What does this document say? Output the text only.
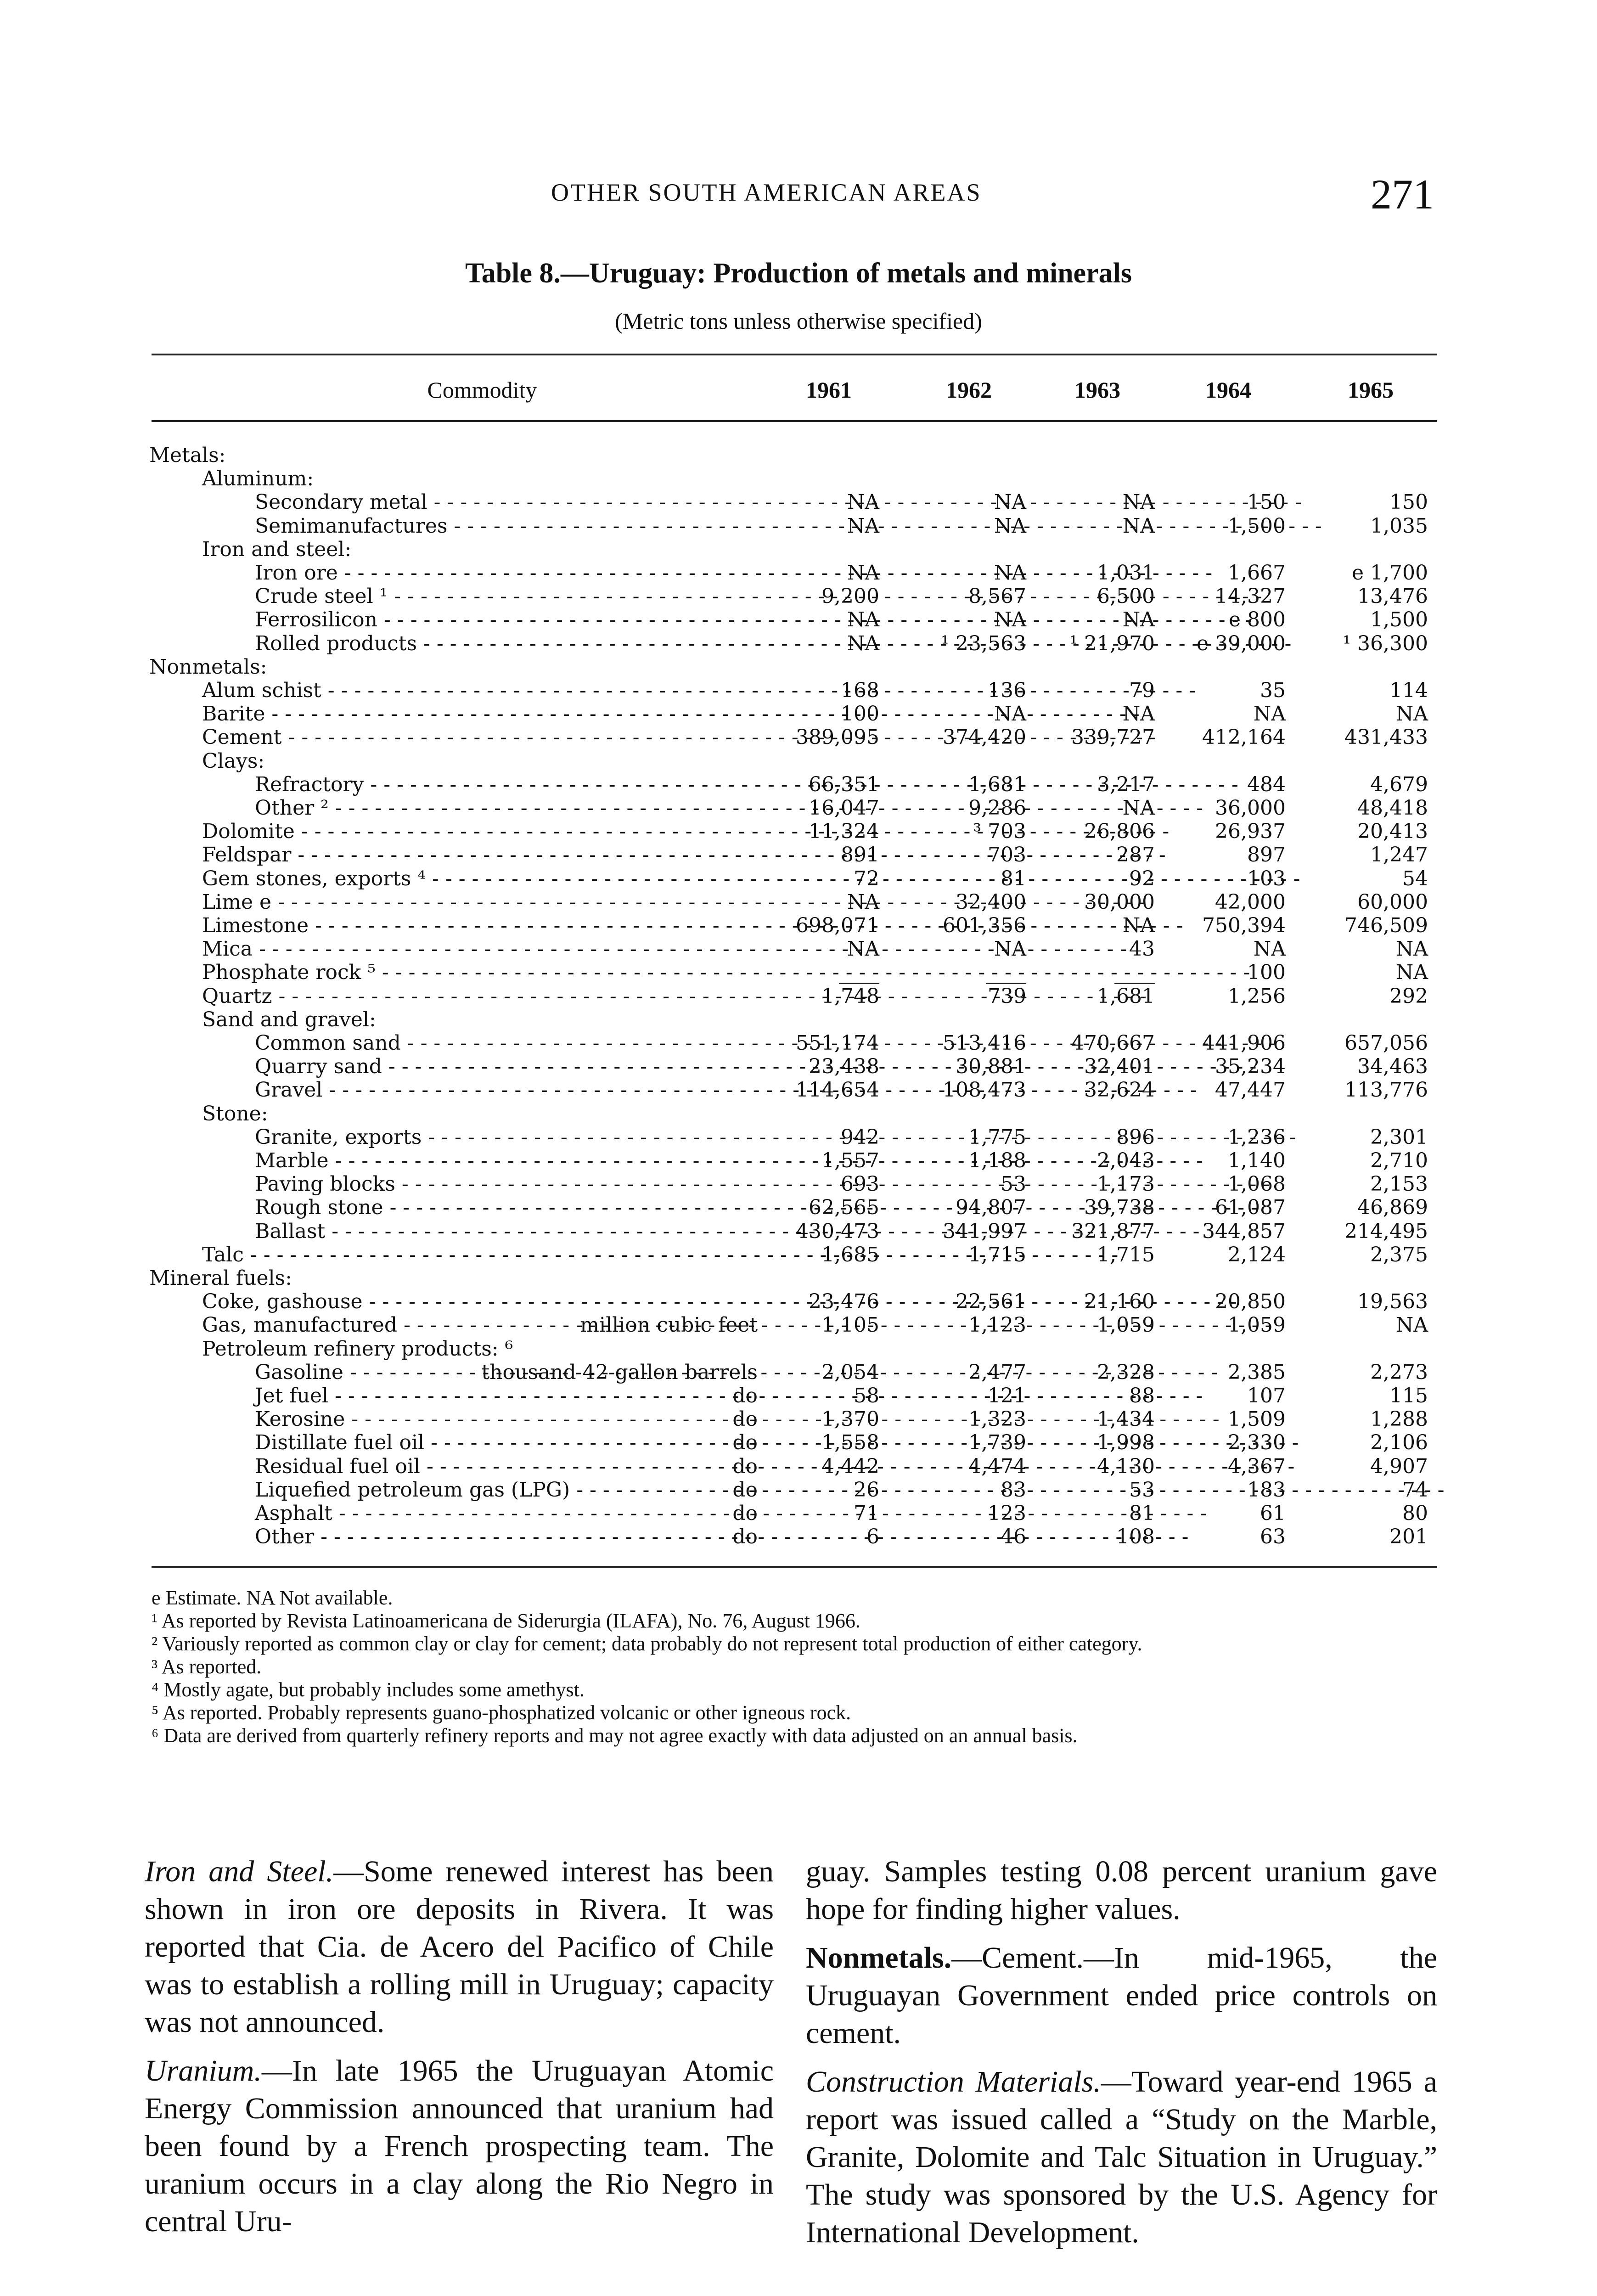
OTHER SOUTH AMERICAN AREAS	271
Table 8.—Uruguay: Production of metals and minerals
(Metric tons unless otherwise specified)
Commodity	1961	1962	1963	1964	1965
Metals:
Aluminum:
Secondary metal - - -	NA	NA	NA	150	150
Semimanufactures - - -	NA	NA	NA	1,500	1,035
Iron and steel:
Iron ore - - -	NA	NA	1,031	1,667	e 1,700
Crude steel ¹ - - -	9,200	8,567	6,500	14,327	13,476
Ferrosilicon - - -	NA	NA	NA	e 800	1,500
Rolled products - - -	NA	¹ 23,563	¹ 21,970	e 39,000	¹ 36,300
Nonmetals:
Alum schist - - -	168	136	79	35	114
Barite - - -	100	NA	NA	NA	NA
Cement - - -	389,095	374,420	339,727	412,164	431,433
Clays:
Refractory - - -	66,351	1,681	3,217	484	4,679
Other ² - - -	16,047	9,286	NA	36,000	48,418
Dolomite - - -	11,324	³ 703	26,806	26,937	20,413
Feldspar - - -	891	703	287	897	1,247
Gem stones, exports ⁴ - - -	72	81	92	103	54
Lime e - - -	NA	32,400	30,000	42,000	60,000
Limestone - - -	698,071	601,356	NA	750,394	746,509
Mica - - -	NA	NA	43	NA	NA
Phosphate rock ⁵ - - -	____	____	____	100	NA
Quartz - - -	1,748	739	1,681	1,256	292
Sand and gravel:
Common sand - - -	551,174	513,416	470,667	441,906	657,056
Quarry sand - - -	23,438	30,881	32,401	35,234	34,463
Gravel - - -	114,654	108,473	32,624	47,447	113,776
Stone:
Granite, exports - - -	942	1,775	896	1,236	2,301
Marble - - -	1,557	1,188	2,043	1,140	2,710
Paving blocks - - -	693	53	1,173	1,068	2,153
Rough stone - - -	62,565	94,807	39,738	61,087	46,869
Ballast - - -	430,473	341,997	321,877	344,857	214,495
Talc - - -	1,685	1,715	1,715	2,124	2,375
Mineral fuels:
Coke, gashouse - - -	23,476	22,561	21,160	20,850	19,563
Gas, manufactured - - -	million cubic feet	1,105	1,123	1,059	1,059	NA
Petroleum refinery products: ⁶
Gasoline - - -	thousand 42-gallon barrels	2,054	2,477	2,328	2,385	2,273
Jet fuel - - -	do	58	121	88	107	115
Kerosine - - -	do	1,370	1,323	1,434	1,509	1,288
Distillate fuel oil - - -	do	1,558	1,739	1,998	2,330	2,106
Residual fuel oil - - -	do	4,442	4,474	4,130	4,367	4,907
Liquefied petroleum gas (LPG) - - -	do	26	83	53	183	74
Asphalt - - -	do	71	123	81	61	80
Other - - -	do	6	46	108	63	201

e Estimate. NA Not available.

¹ As reported by Revista Latinoamericana de Siderurgia (ILAFA), No. 76, August 1966.

² Variously reported as common clay or clay for cement; data probably do not represent total production of either category.

³ As reported.

⁴ Mostly agate, but probably includes some amethyst.

⁵ As reported. Probably represents guano-phosphatized volcanic or other igneous rock.

⁶ Data are derived from quarterly refinery reports and may not agree exactly with data adjusted on an annual basis.

Iron and Steel.—Some renewed interest has been shown in iron ore deposits in Rivera. It was reported that Cia. de Acero del Pacifico of Chile was to establish a rolling mill in Uruguay; capacity was not announced.

Uranium.—In late 1965 the Uruguayan Atomic Energy Commission announced that uranium had been found by a French prospecting team. The uranium occurs in a clay along the Rio Negro in central Uru-

guay. Samples testing 0.08 percent uranium gave hope for finding higher values.

Nonmetals.—Cement.—In mid-1965, the Uruguayan Government ended price controls on cement.

Construction Materials.—Toward year-end 1965 a report was issued called a “Study on the Marble, Granite, Dolomite and Talc Situation in Uruguay.” The study was sponsored by the U.S. Agency for International Development.
